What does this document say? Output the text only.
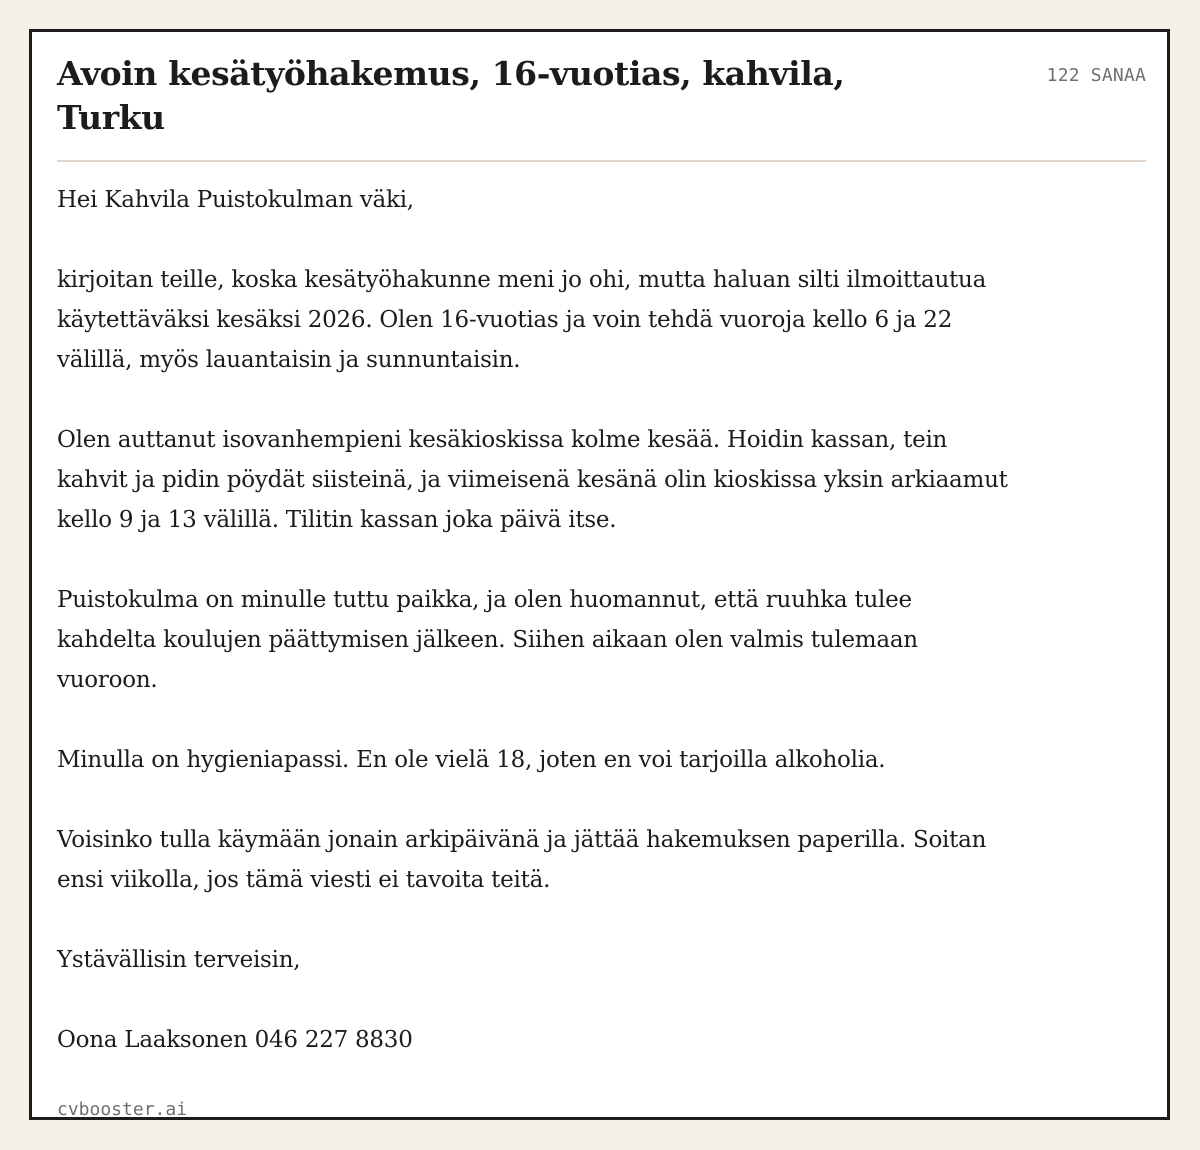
Avoin kesätyöhakemus, 16-vuotias, kahvila, Turku
122 SANAA

Hei Kahvila Puistokulman väki,

kirjoitan teille, koska kesätyöhakunne meni jo ohi, mutta haluan silti ilmoittautua käytettäväksi kesäksi 2026. Olen 16-vuotias ja voin tehdä vuoroja kello 6 ja 22 välillä, myös lauantaisin ja sunnuntaisin.

Olen auttanut isovanhempieni kesäkioskissa kolme kesää. Hoidin kassan, tein kahvit ja pidin pöydät siisteinä, ja viimeisenä kesänä olin kioskissa yksin arkiaamut kello 9 ja 13 välillä. Tilitin kassan joka päivä itse.

Puistokulma on minulle tuttu paikka, ja olen huomannut, että ruuhka tulee kahdelta koulujen päättymisen jälkeen. Siihen aikaan olen valmis tulemaan vuoroon.

Minulla on hygieniapassi. En ole vielä 18, joten en voi tarjoilla alkoholia.

Voisinko tulla käymään jonain arkipäivänä ja jättää hakemuksen paperilla. Soitan ensi viikolla, jos tämä viesti ei tavoita teitä.

Ystävällisin terveisin,

Oona Laaksonen 046 227 8830

cvbooster.ai
